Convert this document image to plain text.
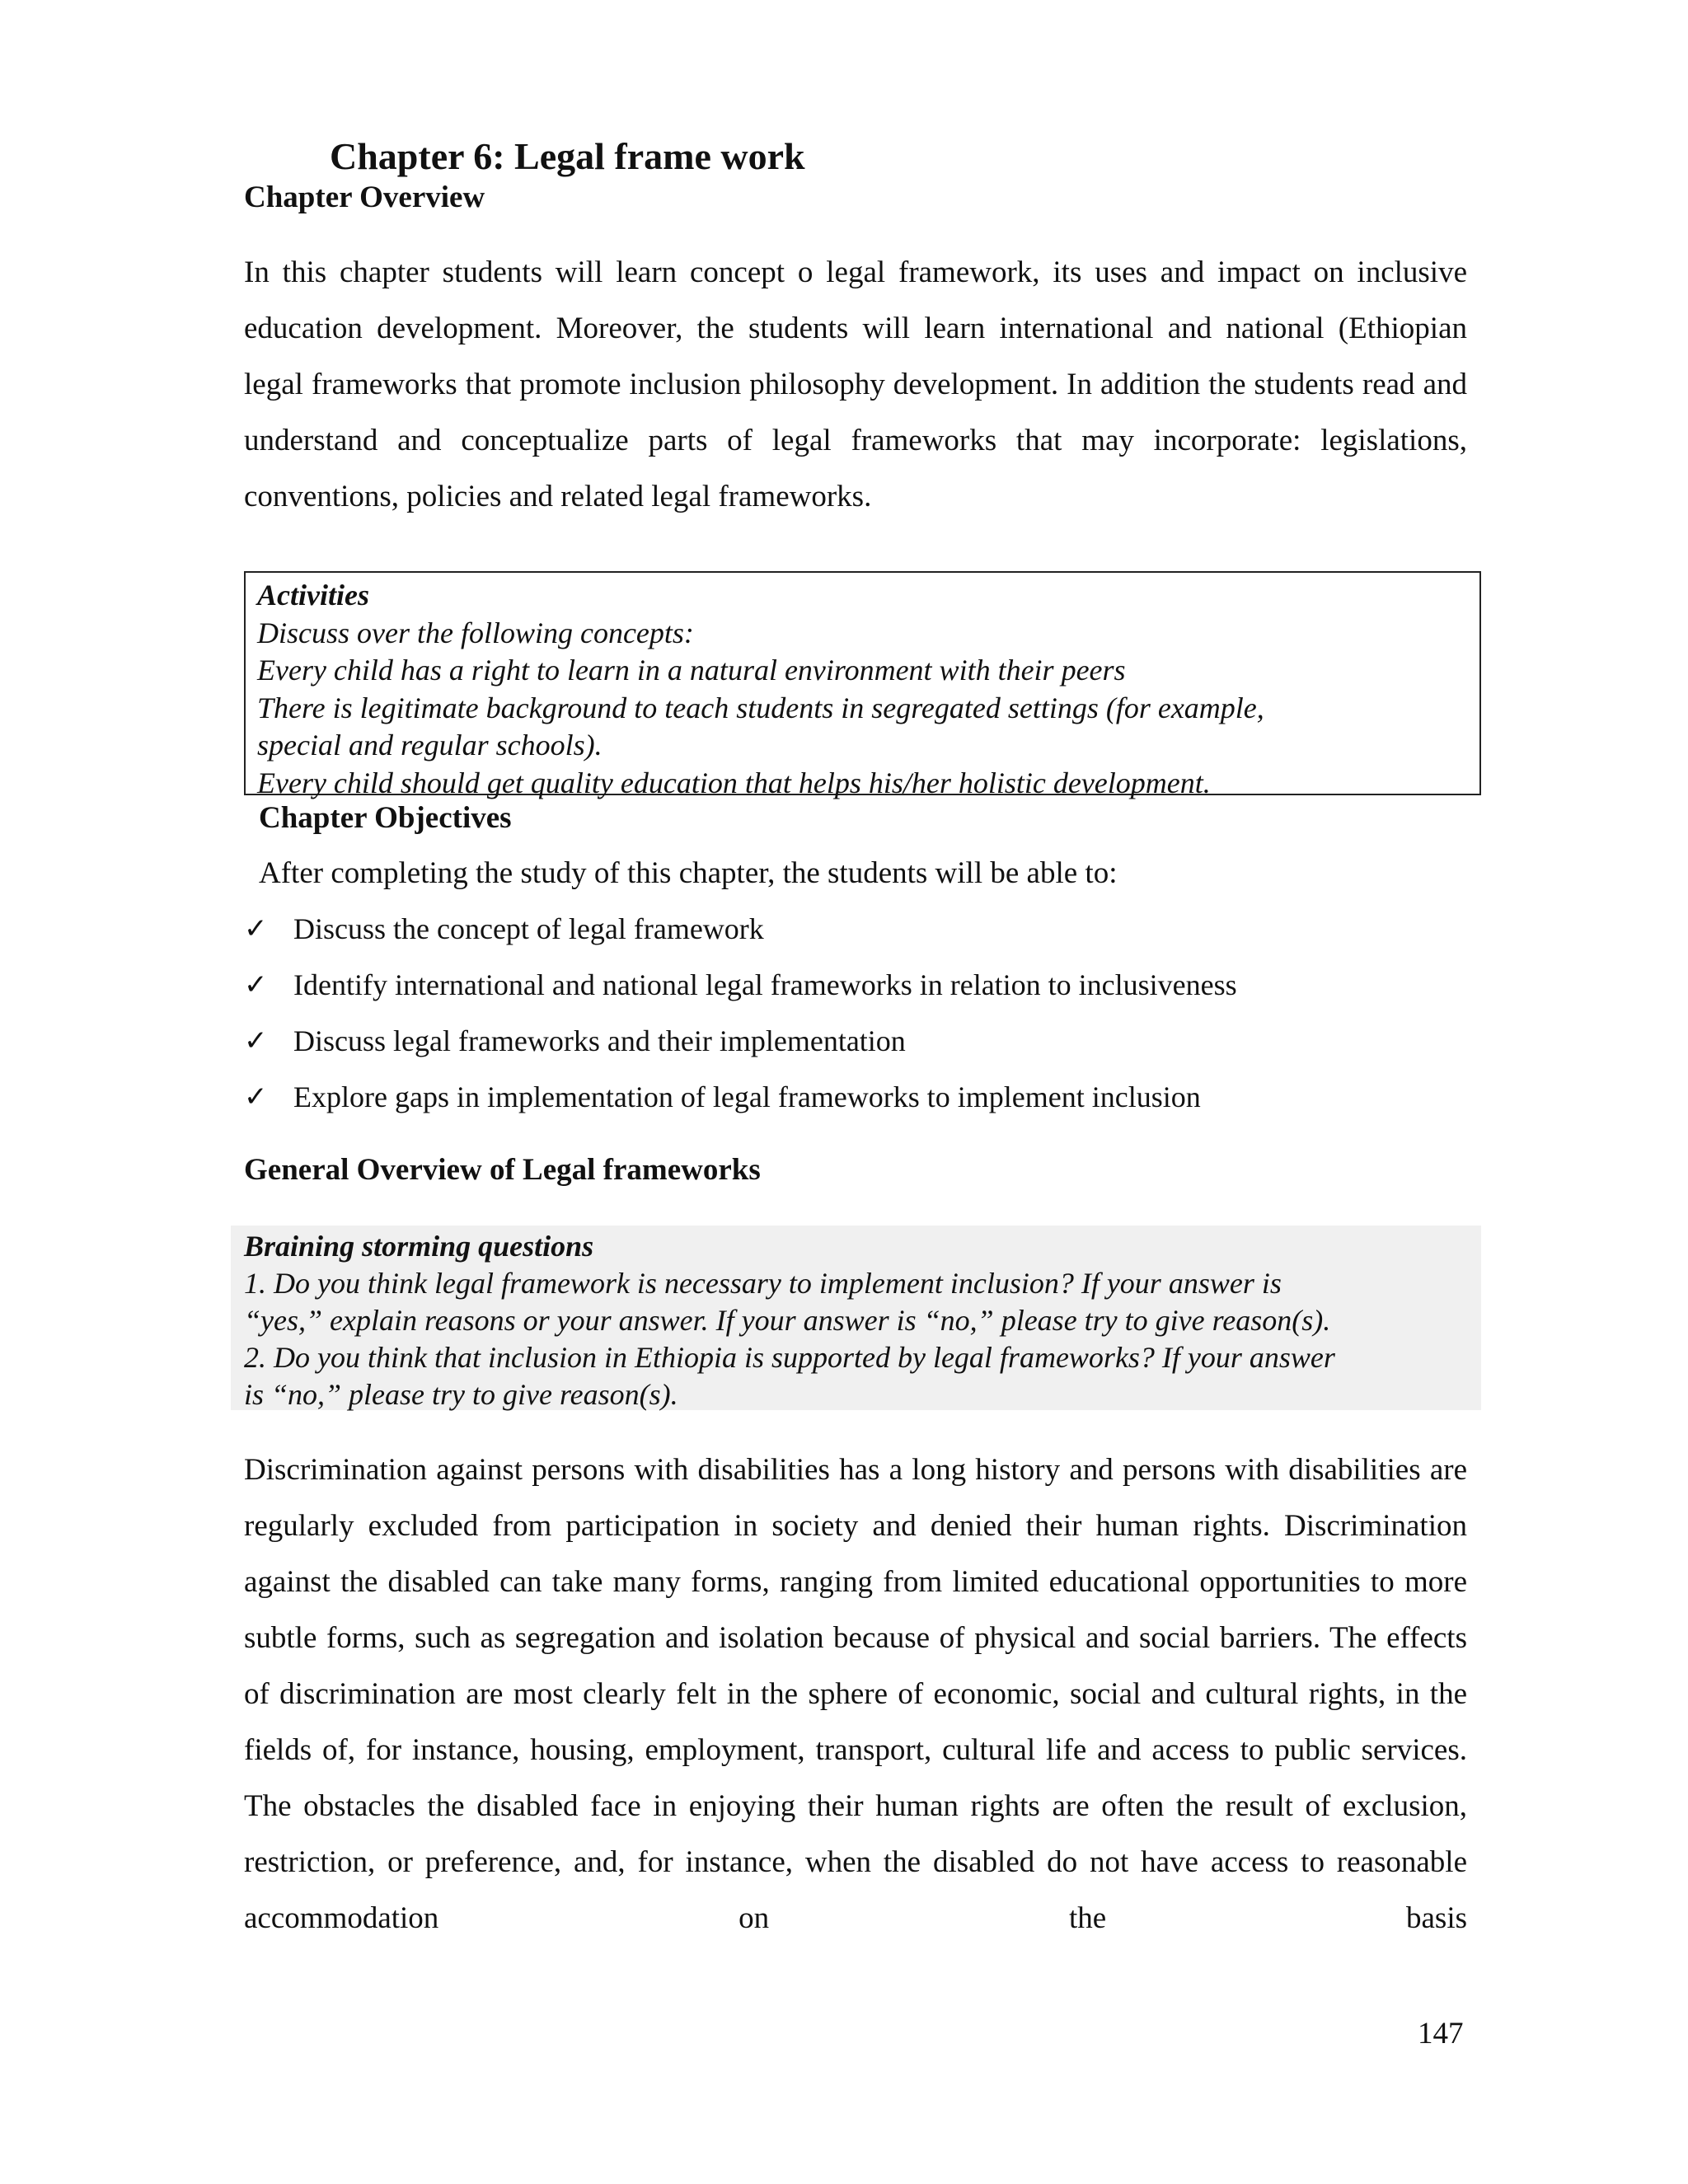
Chapter 6: Legal frame work
Chapter Overview

In this chapter students will learn concept o legal framework, its uses and impact on inclusive education development. Moreover, the students will learn international and national (Ethiopian legal frameworks that promote inclusion philosophy development. In addition the students read and understand and conceptualize parts of legal frameworks that may incorporate: legislations, conventions, policies and related legal frameworks.

Activities
Discuss over the following concepts:
Every child has a right to learn in a natural environment with their peers
There is legitimate background to teach students in segregated settings (for example,
special and regular schools).
Every child should get quality education that helps his/her holistic development.
Chapter Objectives
After completing the study of this chapter, the students will be able to:
✓ Discuss the concept of legal framework
✓ Identify international and national legal frameworks in relation to inclusiveness
✓ Discuss legal frameworks and their implementation
✓ Explore gaps in implementation of legal frameworks to implement inclusion
General Overview of Legal frameworks
Braining storming questions
1. Do you think legal framework is necessary to implement inclusion? If your answer is
“yes,” explain reasons or your answer. If your answer is “no,” please try to give reason(s).
2. Do you think that inclusion in Ethiopia is supported by legal frameworks? If your answer
is “no,” please try to give reason(s).

Discrimination against persons with disabilities has a long history and persons with disabilities are regularly excluded from participation in society and denied their human rights. Discrimination against the disabled can take many forms, ranging from limited educational opportunities to more subtle forms, such as segregation and isolation because of physical and social barriers. The effects of discrimination are most clearly felt in the sphere of economic, social and cultural rights, in the fields of, for instance, housing, employment, transport, cultural life and access to public services. The obstacles the disabled face in enjoying their human rights are often the result of exclusion, restriction, or preference, and, for instance, when the disabled do not have access to reasonable accommodation on the basis

147
